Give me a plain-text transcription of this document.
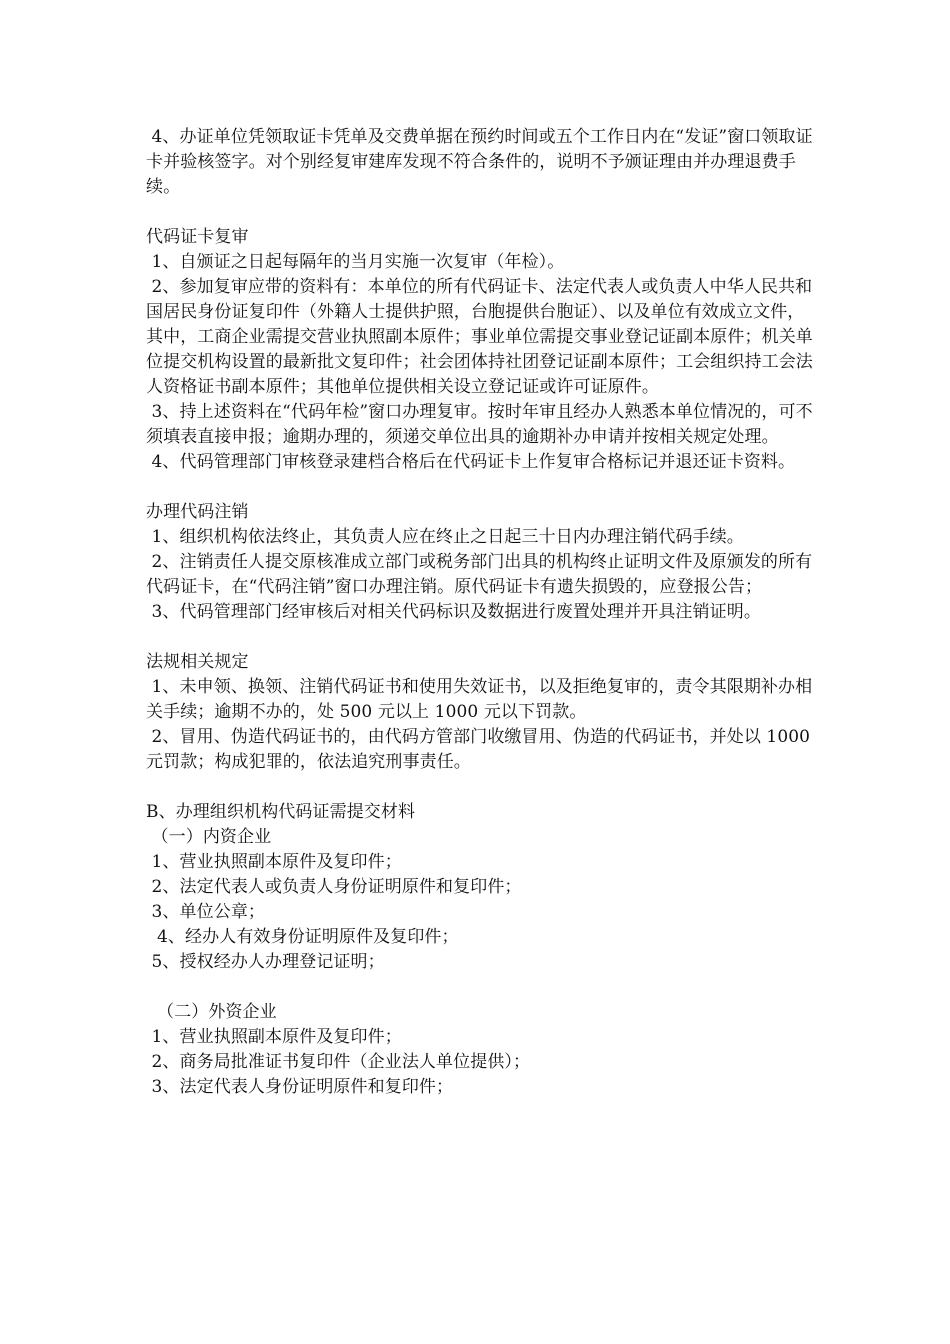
4、办证单位凭领取证卡凭单及交费单据在预约时间或五个工作日内在“发证”窗口领取证卡并验核签字。对个别经复审建库发现不符合条件的，说明不予颁证理由并办理退费手续。

代码证卡复审

1、自颁证之日起每隔年的当月实施一次复审（年检）。

2、参加复审应带的资料有：本单位的所有代码证卡、法定代表人或负责人中华人民共和国居民身份证复印件（外籍人士提供护照，台胞提供台胞证）、以及单位有效成立文件，其中，工商企业需提交营业执照副本原件；事业单位需提交事业登记证副本原件；机关单位提交机构设置的最新批文复印件；社会团体持社团登记证副本原件；工会组织持工会法人资格证书副本原件；其他单位提供相关设立登记证或许可证原件。

3、持上述资料在“代码年检”窗口办理复审。按时年审且经办人熟悉本单位情况的，可不须填表直接申报；逾期办理的，须递交单位出具的逾期补办申请并按相关规定处理。

4、代码管理部门审核登录建档合格后在代码证卡上作复审合格标记并退还证卡资料。

办理代码注销

1、组织机构依法终止，其负责人应在终止之日起三十日内办理注销代码手续。

2、注销责任人提交原核准成立部门或税务部门出具的机构终止证明文件及原颁发的所有代码证卡，在“代码注销”窗口办理注销。原代码证卡有遗失损毁的，应登报公告；

3、代码管理部门经审核后对相关代码标识及数据进行废置处理并开具注销证明。

法规相关规定

1、未申领、换领、注销代码证书和使用失效证书，以及拒绝复审的，责令其限期补办相关手续；逾期不办的，处 500 元以上 1000 元以下罚款。

2、冒用、伪造代码证书的，由代码方管部门收缴冒用、伪造的代码证书，并处以 1000 元罚款；构成犯罪的，依法追究刑事责任。

B、办理组织机构代码证需提交材料

（一）内资企业

1、营业执照副本原件及复印件；

2、法定代表人或负责人身份证明原件和复印件；

3、单位公章；

4、经办人有效身份证明原件及复印件；

5、授权经办人办理登记证明；

（二）外资企业

1、营业执照副本原件及复印件；

2、商务局批准证书复印件（企业法人单位提供）；

3、法定代表人身份证明原件和复印件；
